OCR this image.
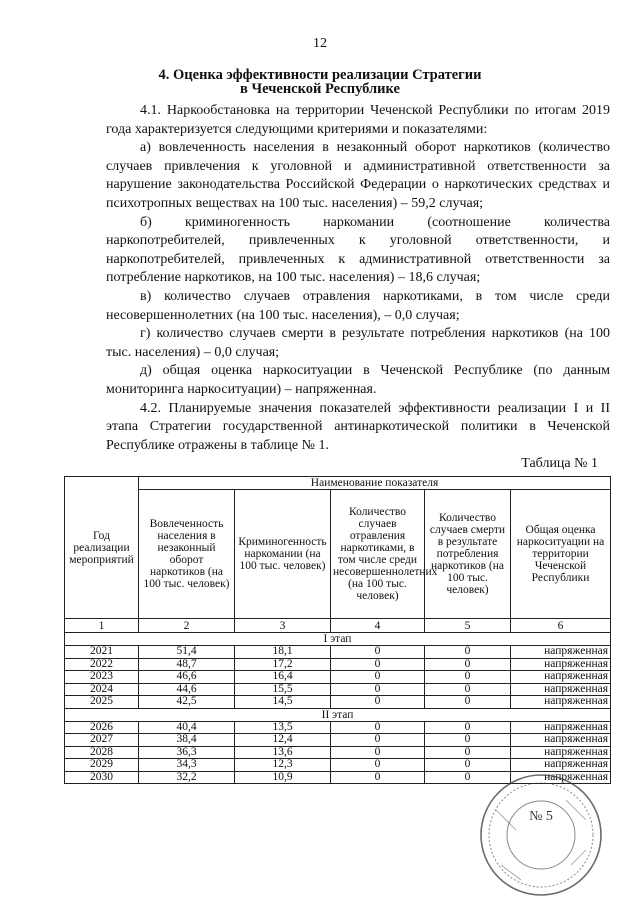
12
4. Оценка эффективности реализации Стратегии
в Чеченской Республике

4.1. Наркообстановка на территории Чеченской Республики по итогам 2019 года характеризуется следующими критериями и показателями:

а) вовлеченность населения в незаконный оборот наркотиков (количество случаев привлечения к уголовной и административной ответственности за нарушение законодательства Российской Федерации о наркотических средствах и психотропных веществах на 100 тыс. населения) – 59,2 случая;

б) криминогенность наркомании (соотношение количества наркопотребителей, привлеченных к уголовной ответственности, и наркопотребителей, привлеченных к административной ответственности за потребление наркотиков, на 100 тыс. населения) – 18,6 случая;

в) количество случаев отравления наркотиками, в том числе среди несовершеннолетних (на 100 тыс. населения), – 0,0 случая;

г) количество случаев смерти в результате потребления наркотиков (на 100 тыс. населения) – 0,0 случая;

д) общая оценка наркоситуации в Чеченской Республике (по данным мониторинга наркоситуации) – напряженная.

4.2. Планируемые значения показателей эффективности реализации I и II этапа Стратегии государственной антинаркотической политики в Чеченской Республике отражены в таблице № 1.

Таблица № 1
Год реализации мероприятий	Наименование показателя				
	Вовлеченность населения в незаконный оборот наркотиков (на 100 тыс. человек)	Криминогенность наркомании (на 100 тыс. человек)	Количество случаев отравления наркотиками, в том числе среди несовершеннолетних (на 100 тыс. человек)	Количество случаев смерти в результате потребления наркотиков (на 100 тыс. человек)	Общая оценка наркоситуации на территории Чеченской Республики
1	2	3	4	5	6
I этап					
2021	51,4	18,1	0	0	напряженная
2022	48,7	17,2	0	0	напряженная
2023	46,6	16,4	0	0	напряженная
2024	44,6	15,5	0	0	напряженная
2025	42,5	14,5	0	0	напряженная
II этап					
2026	40,4	13,5	0	0	напряженная
2027	38,4	12,4	0	0	напряженная
2028	36,3	13,6	0	0	напряженная
2029	34,3	12,3	0	0	напряженная
2030	32,2	10,9	0	0	напряженная
№ 5
